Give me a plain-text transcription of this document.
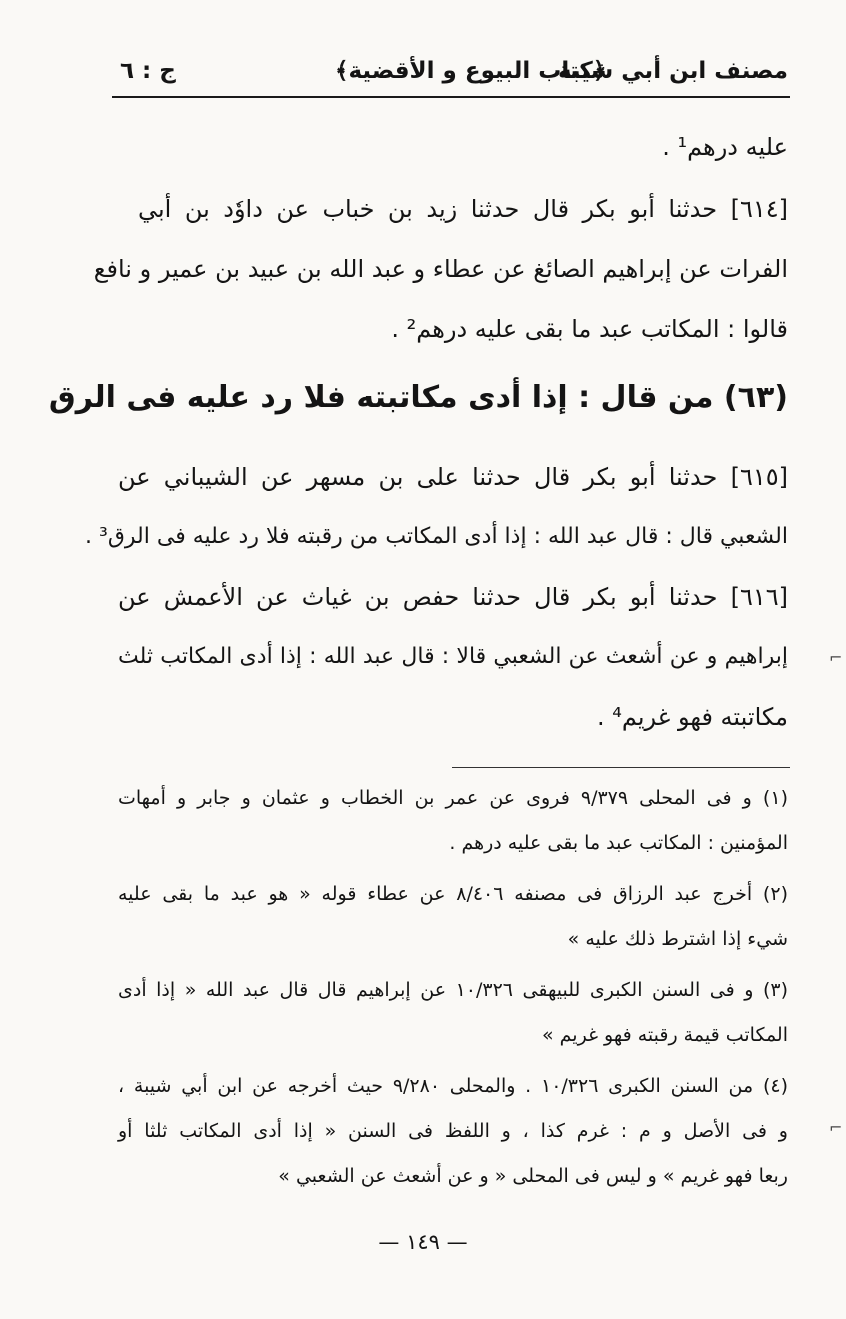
ج : ٦	﴿كتاب البيوع و الأقضية﴾
مصنف ابن أبي شيبة
عليه درهم¹ .
[٦١٤] حدثنا أبو بكر قال حدثنا زيد بن خباب عن داوٗد بن أبي
الفرات عن إبراهيم الصائغ عن عطاء و عبد الله بن عبيد بن عمير و نافع
قالوا : المكاتب عبد ما بقى عليه درهم² .
(٦٣) من قال : إذا أدى مكاتبته فلا رد عليه فى الرق
[٦١٥] حدثنا أبو بكر قال حدثنا على بن مسهر عن الشيباني عن
الشعبي قال : قال عبد الله : إذا أدى المكاتب من رقبته فلا رد عليه فى الرق³ .
[٦١٦] حدثنا أبو بكر قال حدثنا حفص بن غياث عن الأعمش عن
إبراهيم و عن أشعث عن الشعبي قالا : قال عبد الله : إذا أدى المكاتب ثلث
مكاتبته فهو غريم⁴ .
(١) و فى المحلى ٩/٣٧٩ فروى عن عمر بن الخطاب و عثمان و جابر و أمهات
المؤمنين : المكاتب عبد ما بقى عليه درهم .
(٢) أخرج عبد الرزاق فى مصنفه ٨/٤٠٦ عن عطاء قوله « هو عبد ما بقى عليه
شيء إذا اشترط ذلك عليه »
(٣) و فى السنن الكبرى للبيهقى ١٠/٣٢٦ عن إبراهيم قال قال عبد الله « إذا أدى
المكاتب قيمة رقبته فهو غريم »
(٤) من السنن الكبرى ١٠/٣٢٦ . والمحلى ٩/٢٨٠ حيث أخرجه عن ابن أبي شيبة ،
و فى الأصل و م : غرم كذا ، و اللفظ فى السنن « إذا أدى المكاتب ثلثا أو
ربعا فهو غريم » و ليس فى المحلى « و عن أشعث عن الشعبي »
— ١٤٩ —
⌐
⌐
